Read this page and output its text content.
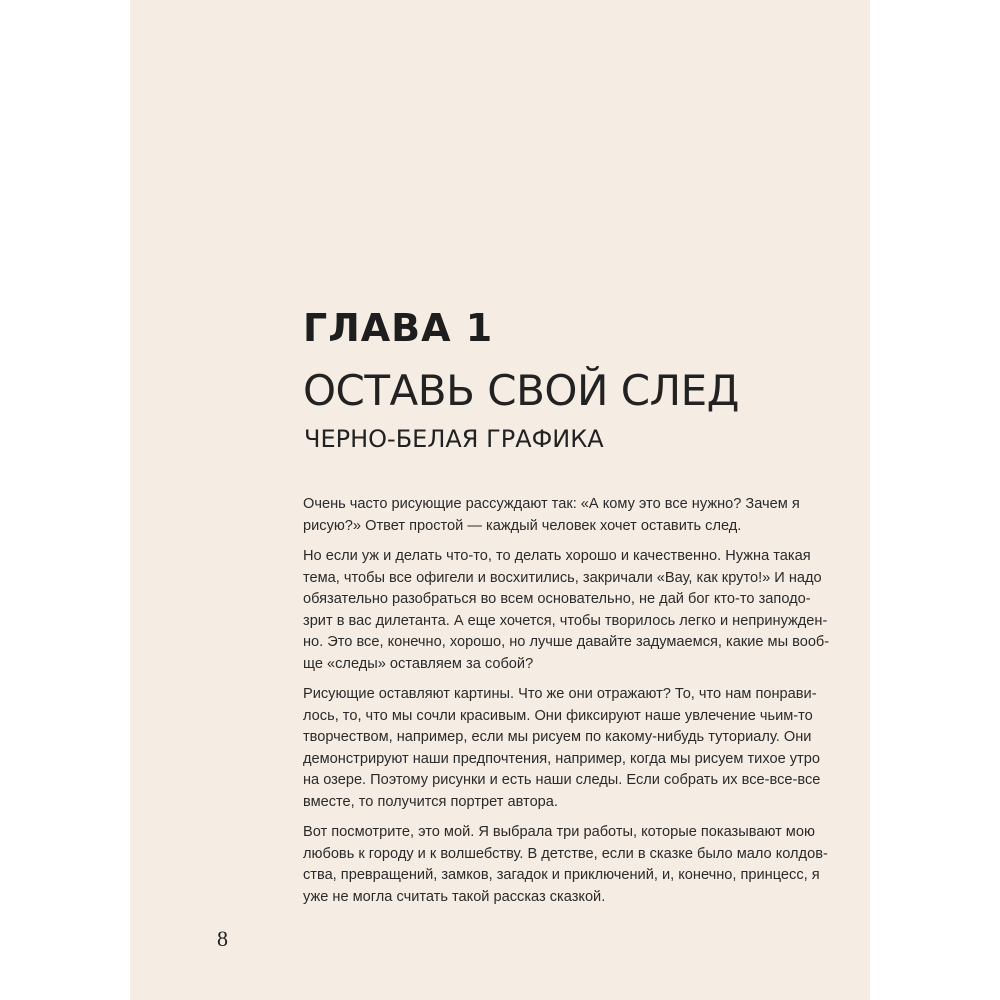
ГЛАВА 1
ОСТАВЬ СВОЙ СЛЕД
ЧЕРНО-БЕЛАЯ ГРАФИКА

Очень часто рисующие рассуждают так: «А кому это все нужно? Зачем я
рисую?» Ответ простой — каждый человек хочет оставить след.

Но если уж и делать что-то, то делать хорошо и качественно. Нужна такая
тема, чтобы все офигели и восхитились, закричали «Вау, как круто!» И надо
обязательно разобраться во всем основательно, не дай бог кто-то заподо-
зрит в вас дилетанта. А еще хочется, чтобы творилось легко и непринужден-
но. Это все, конечно, хорошо, но лучше давайте задумаемся, какие мы вооб-
ще «следы» оставляем за собой?

Рисующие оставляют картины. Что же они отражают? То, что нам понрави-
лось, то, что мы сочли красивым. Они фиксируют наше увлечение чьим-то
творчеством, например, если мы рисуем по какому-нибудь туториалу. Они
демонстрируют наши предпочтения, например, когда мы рисуем тихое утро
на озере. Поэтому рисунки и есть наши следы. Если собрать их все-все-все
вместе, то получится портрет автора.

Вот посмотрите, это мой. Я выбрала три работы, которые показывают мою
любовь к городу и к волшебству. В детстве, если в сказке было мало колдов-
ства, превращений, замков, загадок и приключений, и, конечно, принцесс, я
уже не могла считать такой рассказ сказкой.

8
